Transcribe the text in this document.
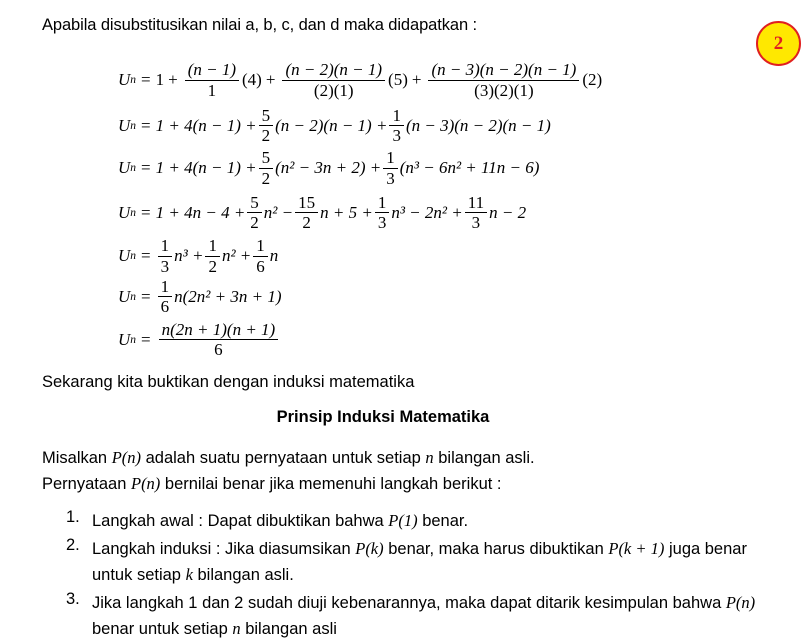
2
Apabila disubstitusikan nilai a, b, c, dan d maka didapatkan :
U $n = 1 + \frac{(n - 1)}{1} (4) + \frac{(n - 2)(n - 1)}{(2)(1)} (5) + \frac{(n - 3)(n - 2)(n - 1)}{(3)(2)(1)} (2)$
U $n = 1 + 4(n - 1) + \frac{5}{2} (n - 2)(n - 1) + \frac{1}{3} (n - 3)(n - 2)(n - 1)$
U $n = 1 + 4(n - 1) + \frac{5}{2} (n^2 - 3n + 2) + \frac{1}{3} (n^3 - 6n^2 + 11n - 6)$
U $n = 1 + 4n - 4 + \frac{5}{2} n^2 - \frac{15}{2}$ $n + 5 + \frac{1}{3} n^3 - 2n^2 + \frac{11}{3}$ n − 2
U $n = \frac{1}{3} n^3 + \frac{1}{2} n^2 + \frac{1}{6}$ n
U $n = \frac{1}{6} n(2n^2 + 3n + 1)$
U $n = \frac{n(2n + 1)(n + 1)}{6}$
Sekarang kita buktikan dengan induksi matematika
Prinsip Induksi Matematika
Misalkan P(n) adalah suatu pernyataan untuk setiap n bilangan asli.
Pernyataan P(n) bernilai benar jika memenuhi langkah berikut :
1. Langkah awal : Dapat dibuktikan bahwa P(1) benar.
2. Langkah induksi : Jika diasumsikan P(k) benar, maka harus dibuktikan P(k + 1) juga benar untuk setiap k bilangan asli.
3. Jika langkah 1 dan 2 sudah diuji kebenarannya, maka dapat ditarik kesimpulan bahwa P(n) benar untuk setiap n bilangan asli
